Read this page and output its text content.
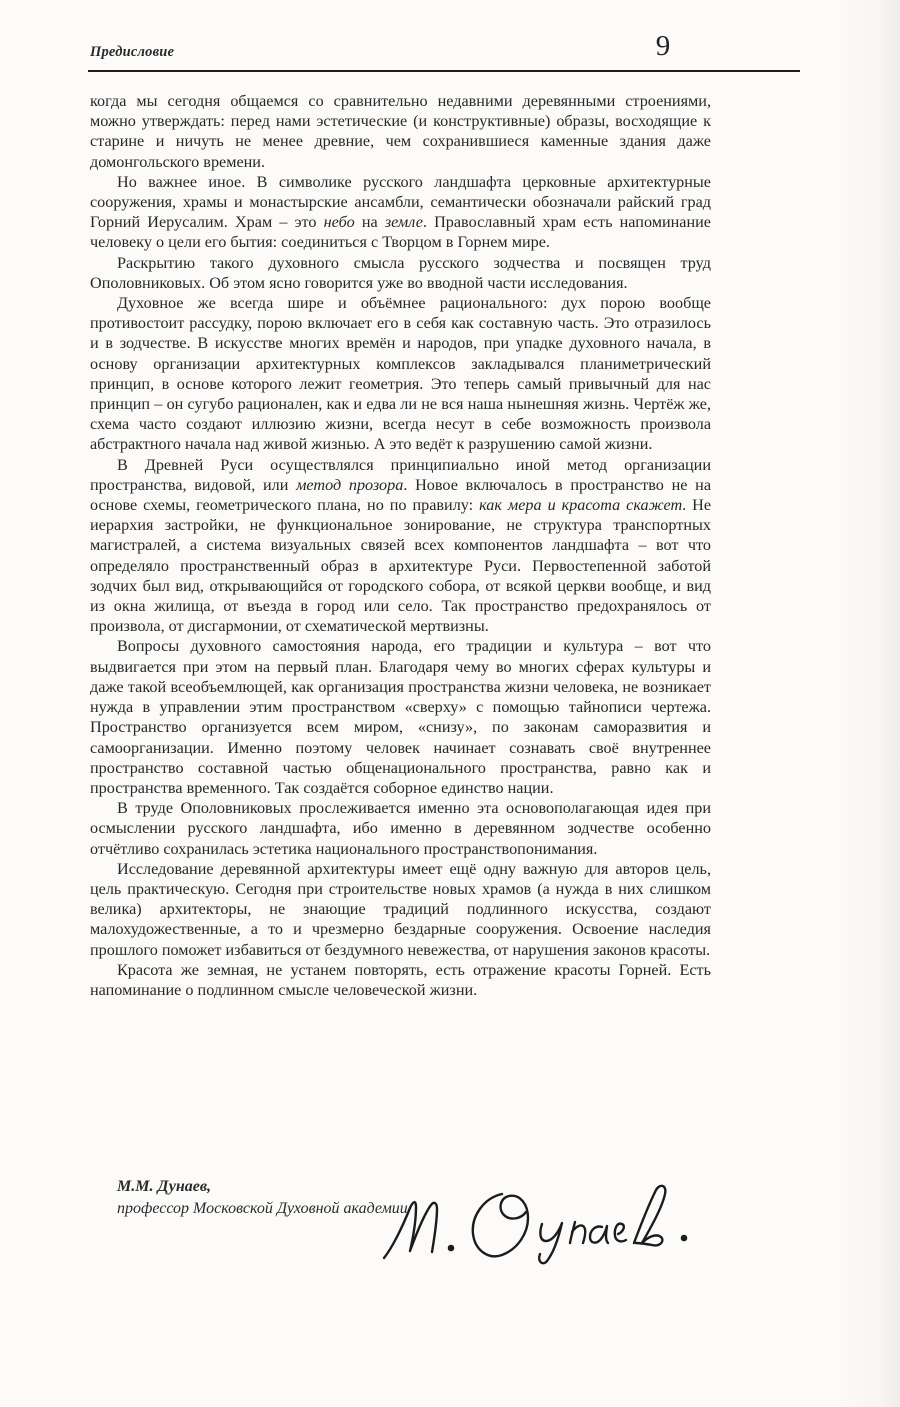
Предисловие	9

когда мы сегодня общаемся со сравнительно недавними деревянными строениями, можно утверждать: перед нами эстетические (и конструктивные) образы, восходящие к старине и ничуть не менее древние, чем сохранившиеся каменные здания даже домонгольского времени.

Но важнее иное. В символике русского ландшафта церковные архитектурные сооружения, храмы и монастырские ансамбли, семантически обозначали райский град Горний Иерусалим. Храм – это небо на земле. Православный храм есть напоминание человеку о цели его бытия: соединиться с Творцом в Горнем мире.

Раскрытию такого духовного смысла русского зодчества и посвящен труд Ополовниковых. Об этом ясно говорится уже во вводной части исследования.

Духовное же всегда шире и объёмнее рационального: дух порою вообще противостоит рассудку, порою включает его в себя как составную часть. Это отразилось и в зодчестве. В искусстве многих времён и народов, при упадке духовного начала, в основу организации архитектурных комплексов закладывался планиметрический принцип, в основе которого лежит геометрия. Это теперь самый привычный для нас принцип – он сугубо рационален, как и едва ли не вся наша нынешняя жизнь. Чертёж же, схема часто создают иллюзию жизни, всегда несут в себе возможность произвола абстрактного начала над живой жизнью. А это ведёт к разрушению самой жизни.

В Древней Руси осуществлялся принципиально иной метод организации пространства, видовой, или метод прозора. Новое включалось в пространство не на основе схемы, геометрического плана, но по правилу: как мера и красота скажет. Не иерархия застройки, не функциональное зонирование, не структура транспортных магистралей, а система визуальных связей всех компонентов ландшафта – вот что определяло пространственный образ в архитектуре Руси. Первостепенной заботой зодчих был вид, открывающийся от городского собора, от всякой церкви вообще, и вид из окна жилища, от въезда в город или село. Так пространство предохранялось от произвола, от дисгармонии, от схематической мертвизны.

Вопросы духовного самостояния народа, его традиции и культура – вот что выдвигается при этом на первый план. Благодаря чему во многих сферах культуры и даже такой всеобъемлющей, как организация пространства жизни человека, не возникает нужда в управлении этим пространством «сверху» с помощью тайнописи чертежа. Пространство организуется всем миром, «снизу», по законам саморазвития и самоорганизации. Именно поэтому человек начинает сознавать своё внутреннее пространство составной частью общенационального пространства, равно как и пространства временного. Так создаётся соборное единство нации.

В труде Ополовниковых прослеживается именно эта основополагающая идея при осмыслении русского ландшафта, ибо именно в деревянном зодчестве особенно отчётливо сохранилась эстетика национального пространствопонимания.

Исследование деревянной архитектуры имеет ещё одну важную для авторов цель, цель практическую. Сегодня при строительстве новых храмов (а нужда в них слишком велика) архитекторы, не знающие традиций подлинного искусства, создают малохудожественные, а то и чрезмерно бездарные сооружения. Освоение наследия прошлого поможет избавиться от бездумного невежества, от нарушения законов красоты.

Красота же земная, не устанем повторять, есть отражение красоты Горней. Есть напоминание о подлинном смысле человеческой жизни.

М.М. Дунаев,
профессор Московской Духовной академии
